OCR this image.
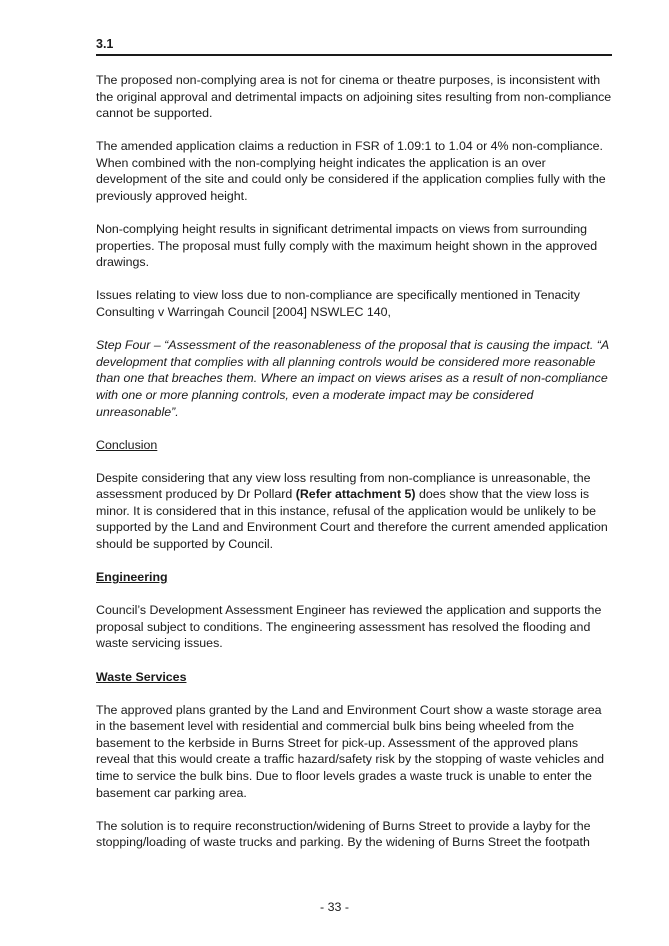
3.1

The proposed non-complying area is not for cinema or theatre purposes, is inconsistent with the original approval and detrimental impacts on adjoining sites resulting from non-compliance cannot be supported.

The amended application claims a reduction in FSR of 1.09:1 to 1.04 or 4% non-compliance. When combined with the non-complying height indicates the application is an over development of the site and could only be considered if the application complies fully with the previously approved height.

Non-complying height results in significant detrimental impacts on views from surrounding properties. The proposal must fully comply with the maximum height shown in the approved drawings.

Issues relating to view loss due to non-compliance are specifically mentioned in Tenacity Consulting v Warringah Council [2004] NSWLEC 140,

Step Four – “Assessment of the reasonableness of the proposal that is causing the impact. “A development that complies with all planning controls would be considered more reasonable than one that breaches them. Where an impact on views arises as a result of non-compliance with one or more planning controls, even a moderate impact may be considered unreasonable”.

Conclusion

Despite considering that any view loss resulting from non-compliance is unreasonable, the assessment produced by Dr Pollard (Refer attachment 5) does show that the view loss is minor. It is considered that in this instance, refusal of the application would be unlikely to be supported by the Land and Environment Court and therefore the current amended application should be supported by Council.

Engineering

Council’s Development Assessment Engineer has reviewed the application and supports the proposal subject to conditions. The engineering assessment has resolved the flooding and waste servicing issues.

Waste Services

The approved plans granted by the Land and Environment Court show a waste storage area in the basement level with residential and commercial bulk bins being wheeled from the basement to the kerbside in Burns Street for pick-up. Assessment of the approved plans reveal that this would create a traffic hazard/safety risk by the stopping of waste vehicles and time to service the bulk bins. Due to floor levels grades a waste truck is unable to enter the basement car parking area.

The solution is to require reconstruction/widening of Burns Street to provide a layby for the stopping/loading of waste trucks and parking. By the widening of Burns Street the footpath

- 33 -
